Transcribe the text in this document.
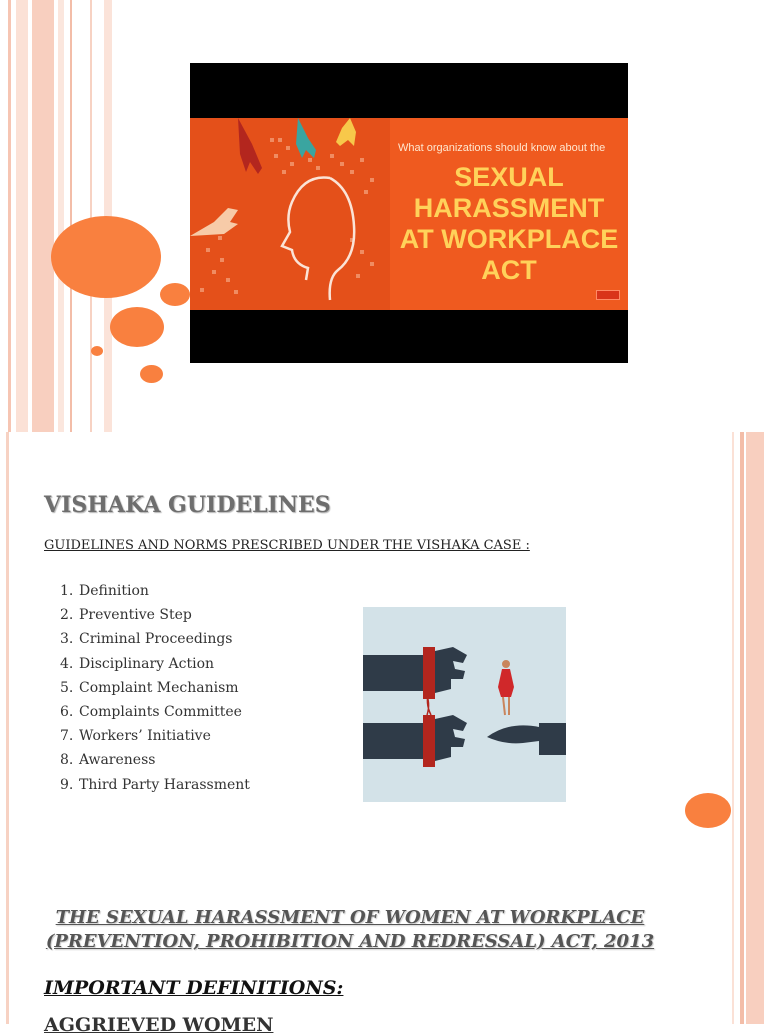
What organizations should know about the
SEXUAL
HARASSMENT
AT WORKPLACE
ACT
VISHAKA GUIDELINES
GUIDELINES AND NORMS PRESCRIBED UNDER THE VISHAKA CASE :
1. Definition
2. Preventive Step
3. Criminal Proceedings
4. Disciplinary Action
5. Complaint Mechanism
6. Complaints Committee
7. Workers’ Initiative
8. Awareness
9. Third Party Harassment
THE SEXUAL HARASSMENT OF WOMEN AT WORKPLACE
(PREVENTION, PROHIBITION AND REDRESSAL) ACT, 2013
IMPORTANT DEFINITIONS:
AGGRIEVED WOMEN
